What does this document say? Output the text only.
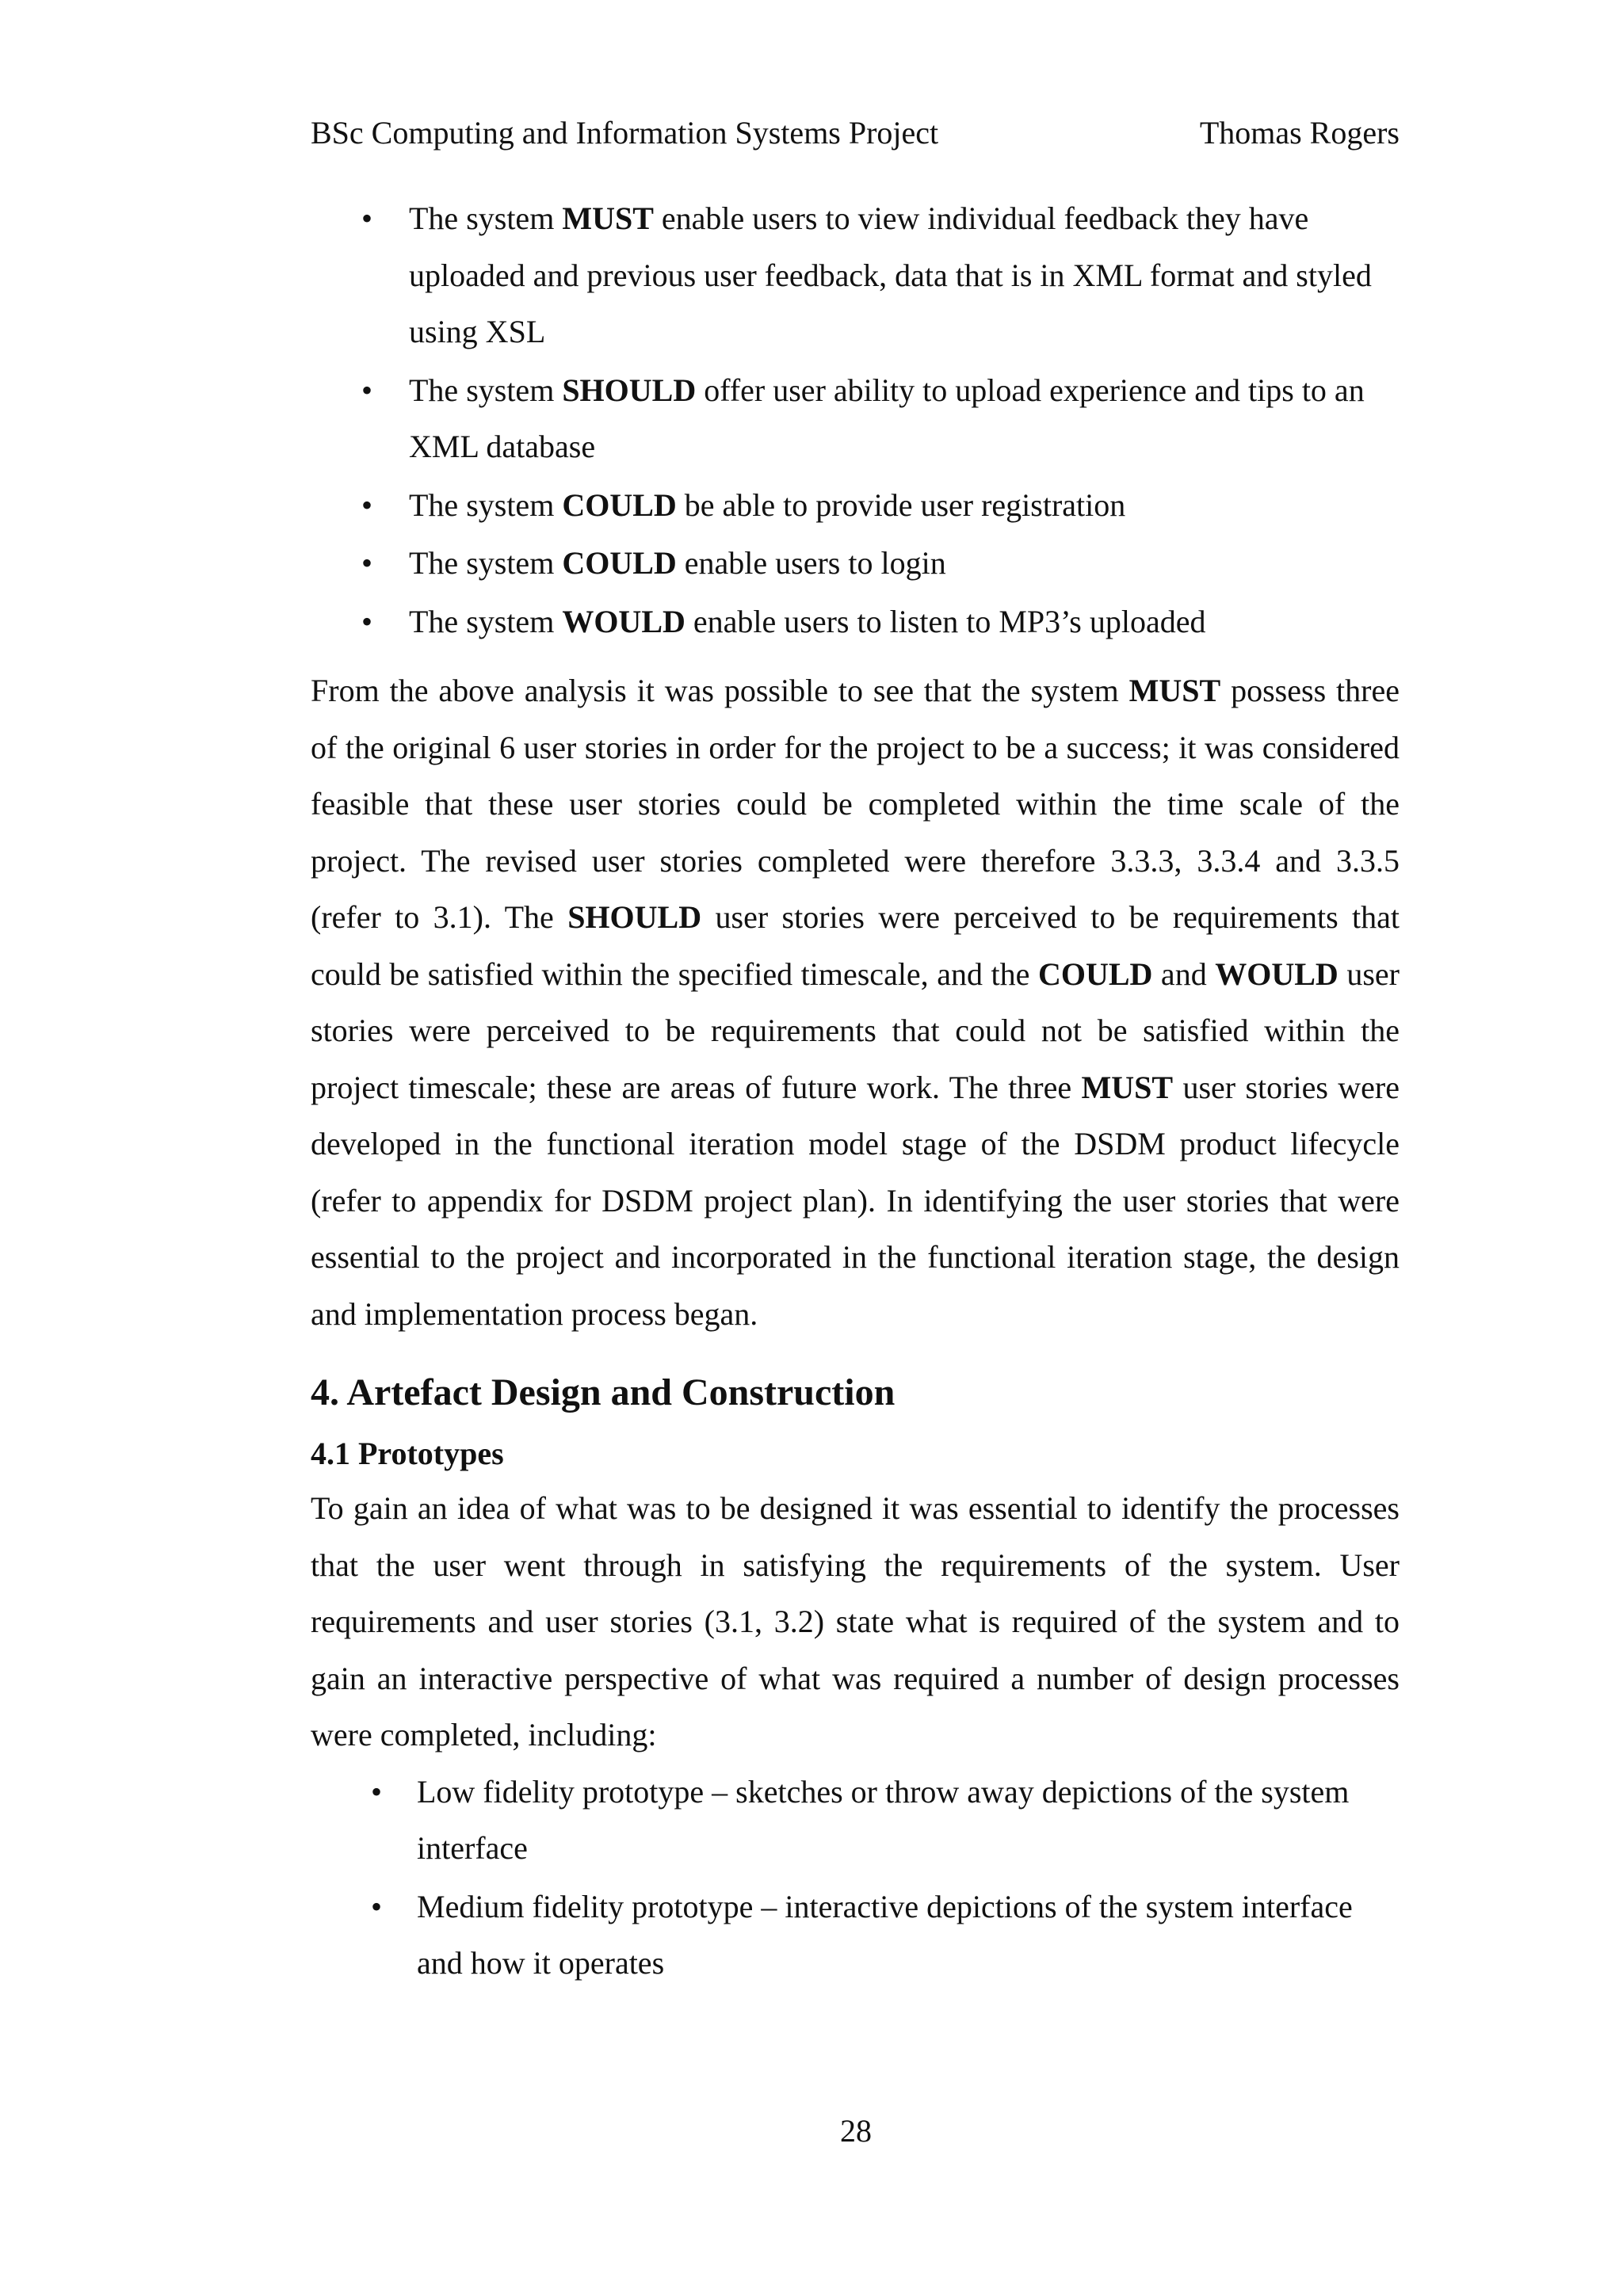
BSc Computing and Information Systems Project	Thomas Rogers
• The system MUST enable users to view individual feedback they have uploaded and previous user feedback, data that is in XML format and styled using XSL
• The system SHOULD offer user ability to upload experience and tips to an XML database
• The system COULD be able to provide user registration
• The system COULD enable users to login
• The system WOULD enable users to listen to MP3’s uploaded

From the above analysis it was possible to see that the system MUST possess three of the original 6 user stories in order for the project to be a success; it was considered feasible that these user stories could be completed within the time scale of the project. The revised user stories completed were therefore 3.3.3, 3.3.4 and 3.3.5 (refer to 3.1). The SHOULD user stories were perceived to be requirements that could be satisfied within the specified timescale, and the COULD and WOULD user stories were perceived to be requirements that could not be satisfied within the project timescale; these are areas of future work. The three MUST user stories were developed in the functional iteration model stage of the DSDM product lifecycle (refer to appendix for DSDM project plan). In identifying the user stories that were essential to the project and incorporated in the functional iteration stage, the design and implementation process began.

4. Artefact Design and Construction
4.1 Prototypes

To gain an idea of what was to be designed it was essential to identify the processes that the user went through in satisfying the requirements of the system. User requirements and user stories (3.1, 3.2) state what is required of the system and to gain an interactive perspective of what was required a number of design processes were completed, including:

• Low fidelity prototype – sketches or throw away depictions of the system interface
• Medium fidelity prototype – interactive depictions of the system interface and how it operates
28
